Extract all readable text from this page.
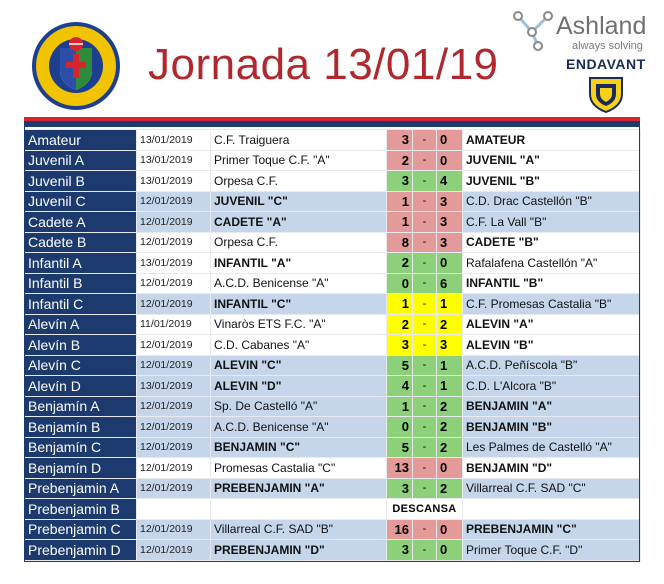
Jornada 13/01/19
Ashland
always solving
ENDAVANT
Amateur	13/01/2019	C.F. Traiguera	3	-	0	AMATEUR
Juvenil A	13/01/2019	Primer Toque C.F. "A"	2	-	0	JUVENIL "A"
Juvenil B	13/01/2019	Orpesa C.F.	3	-	4	JUVENIL "B"
Juvenil C	12/01/2019	JUVENIL "C"	1	-	3	C.D. Drac Castellón "B"
Cadete A	12/01/2019	CADETE "A"	1	-	3	C.F. La Vall "B"
Cadete B	12/01/2019	Orpesa C.F.	8	-	3	CADETE "B"
Infantil A	13/01/2019	INFANTIL "A"	2	-	0	Rafalafena Castellón "A"
Infantil B	12/01/2019	A.C.D. Benicense "A"	0	-	6	INFANTIL "B"
Infantil C	12/01/2019	INFANTIL "C"	1	-	1	C.F. Promesas Castalia "B"
Alevín A	11/01/2019	Vinaròs ETS F.C. "A"	2	-	2	ALEVIN "A"
Alevín B	12/01/2019	C.D. Cabanes "A"	3	-	3	ALEVIN "B"
Alevín C	12/01/2019	ALEVIN "C"	5	-	1	A.C.D. Peñíscola "B"
Alevín D	13/01/2019	ALEVIN "D"	4	-	1	C.D. L'Alcora "B"
Benjamín A	12/01/2019	Sp. De Castelló "A"	1	-	2	BENJAMIN "A"
Benjamín B	12/01/2019	A.C.D. Benicense "A"	0	-	2	BENJAMIN "B"
Benjamín C	12/01/2019	BENJAMIN "C"	5	-	2	Les Palmes de Castelló "A"
Benjamín D	12/01/2019	Promesas Castalia "C"	13	-	0	BENJAMIN "D"
Prebenjamin A	12/01/2019	PREBENJAMIN "A"	3	-	2	Villarreal C.F. SAD "C"
Prebenjamin B			DESCANSA			
Prebenjamin C	12/01/2019	Villarreal C.F. SAD "B"	16	-	0	PREBENJAMIN "C"
Prebenjamin D	12/01/2019	PREBENJAMIN "D"	3	-	0	Primer Toque C.F. "D"
